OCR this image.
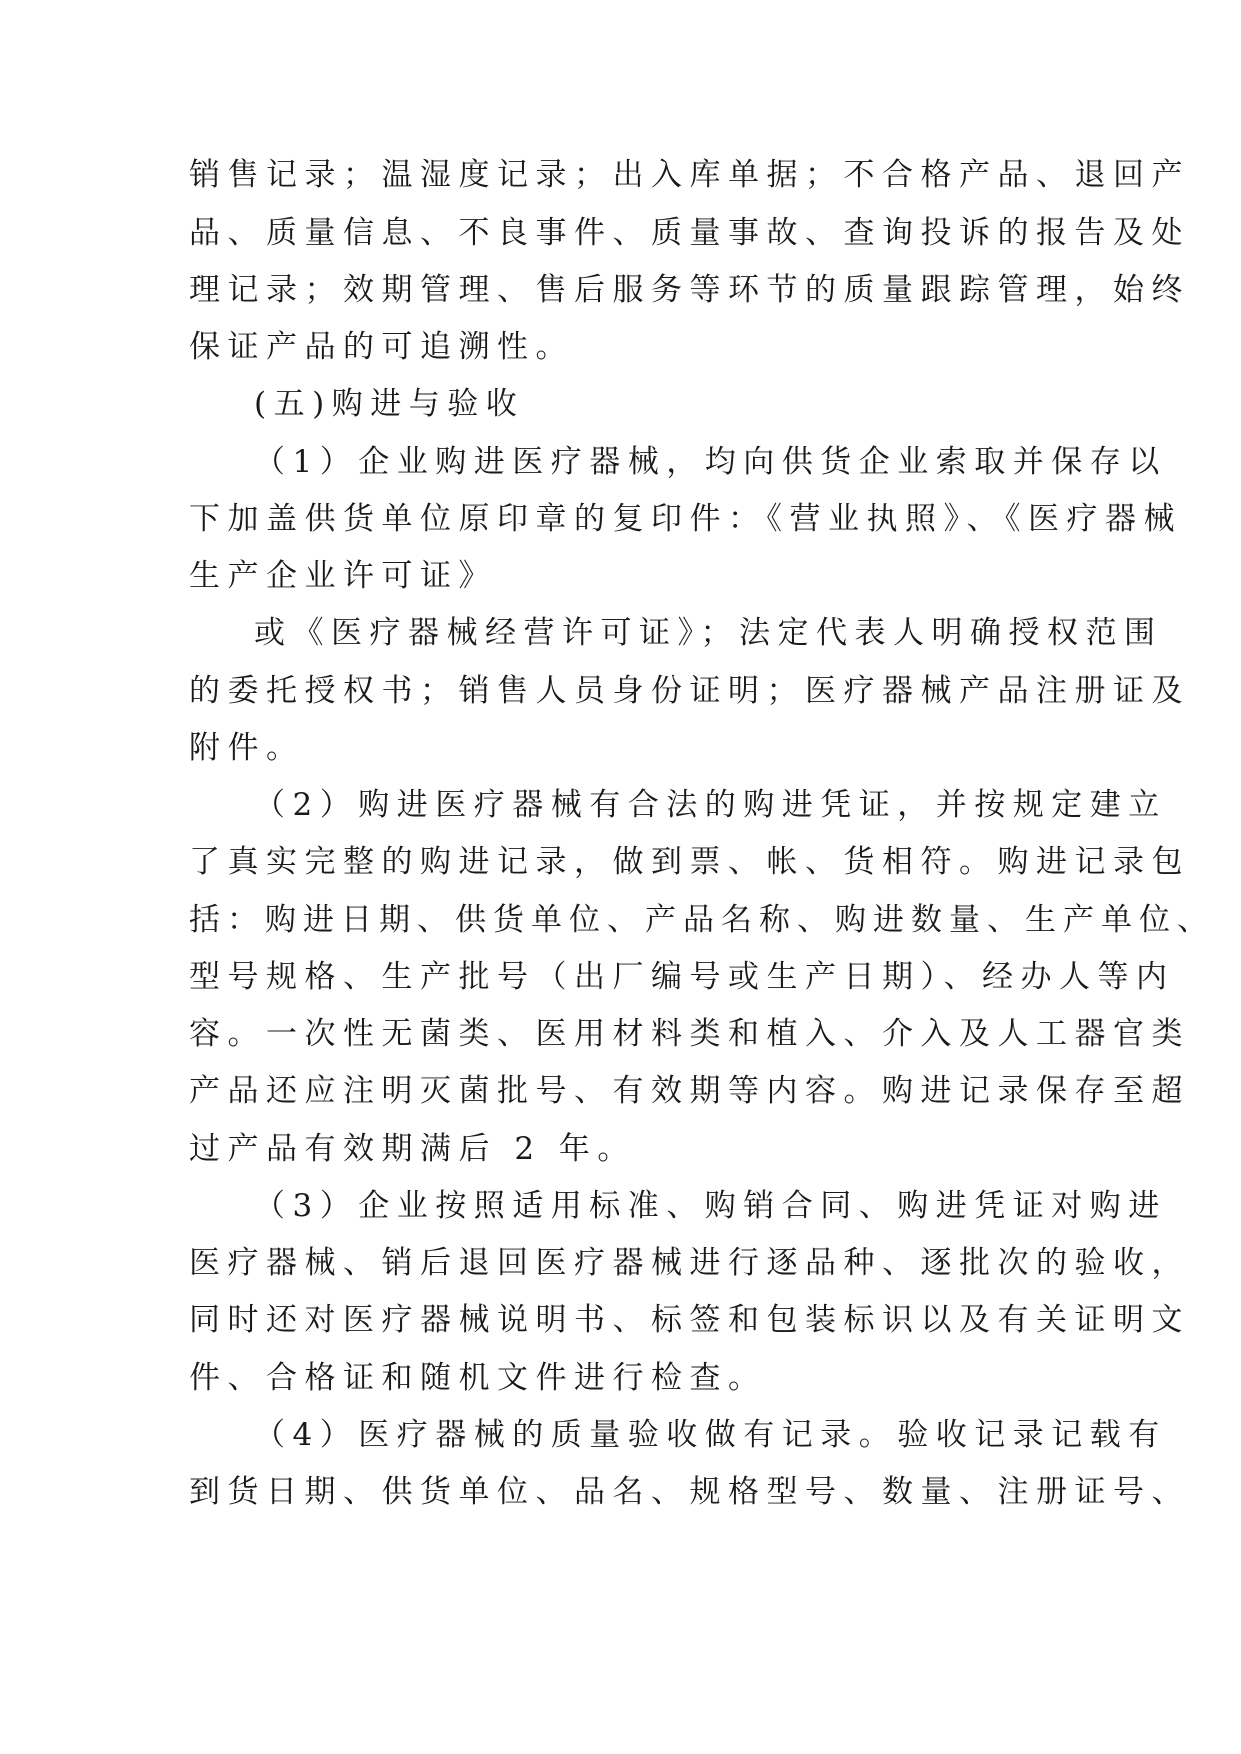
销售记录；温湿度记录；出入库单据；不合格产品、退回产

品、质量信息、不良事件、质量事故、查询投诉的报告及处

理记录；效期管理、售后服务等环节的质量跟踪管理，始终

保证产品的可追溯性。

(五)购进与验收

（1）企业购进医疗器械，均向供货企业索取并保存以

下加盖供货单位原印章的复印件：《营业执照》、《医疗器械

生产企业许可证》

或《医疗器械经营许可证》；法定代表人明确授权范围

的委托授权书；销售人员身份证明；医疗器械产品注册证及

附件。

（2）购进医疗器械有合法的购进凭证，并按规定建立

了真实完整的购进记录，做到票、帐、货相符。购进记录包

括：购进日期、供货单位、产品名称、购进数量、生产单位、

型号规格、生产批号（出厂编号或生产日期）、经办人等内

容。一次性无菌类、医用材料类和植入、介入及人工器官类

产品还应注明灭菌批号、有效期等内容。购进记录保存至超

过产品有效期满后 2 年。

（3）企业按照适用标准、购销合同、购进凭证对购进

医疗器械、销后退回医疗器械进行逐品种、逐批次的验收，

同时还对医疗器械说明书、标签和包装标识以及有关证明文

件、合格证和随机文件进行检查。

（4）医疗器械的质量验收做有记录。验收记录记载有

到货日期、供货单位、品名、规格型号、数量、注册证号、
